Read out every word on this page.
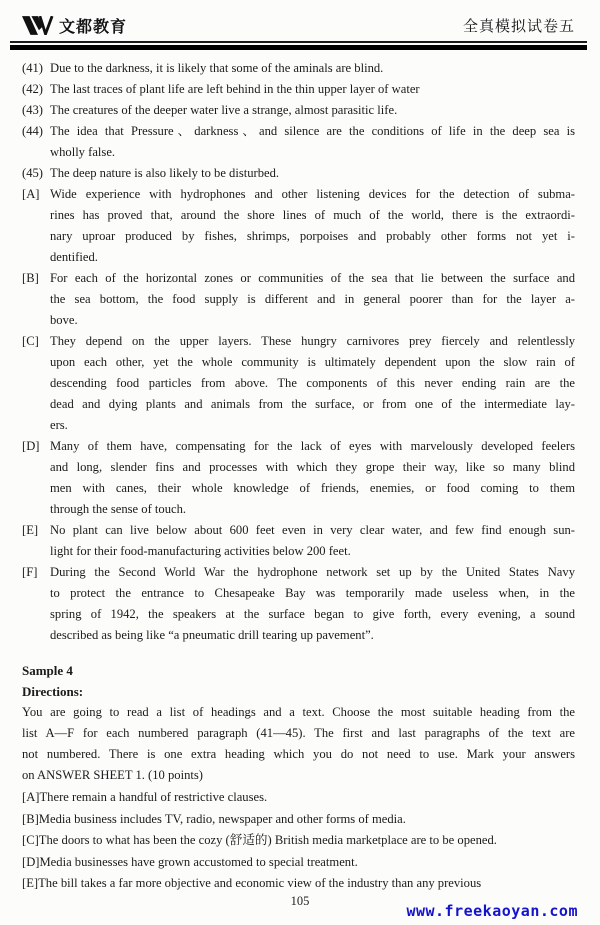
文都教育	全真模拟试卷五
(41) Due to the darkness, it is likely that some of the aminals are blind.
(42) The last traces of plant life are left behind in the thin upper layer of water
(43) The creatures of the deeper water live a strange, almost parasitic life.
(44) The idea that Pressure、darkness、and silence are the conditions of life in the deep sea is
wholly false.
(45) The deep nature is also likely to be disturbed.
[A] Wide experience with hydrophones and other listening devices for the detection of subma-
rines has proved that, around the shore lines of much of the world, there is the extraordi-
nary uproar produced by fishes, shrimps, porpoises and probably other forms not yet i-
dentified.
[B] For each of the horizontal zones or communities of the sea that lie between the surface and
the sea bottom, the food supply is different and in general poorer than for the layer a-
bove.
[C] They depend on the upper layers. These hungry carnivores prey fiercely and relentlessly
upon each other, yet the whole community is ultimately dependent upon the slow rain of
descending food particles from above. The components of this never ending rain are the
dead and dying plants and animals from the surface, or from one of the intermediate lay-
ers.
[D] Many of them have, compensating for the lack of eyes with marvelously developed feelers
and long, slender fins and processes with which they grope their way, like so many blind
men with canes, their whole knowledge of friends, enemies, or food coming to them
through the sense of touch.
[E] No plant can live below about 600 feet even in very clear water, and few find enough sun-
light for their food-manufacturing activities below 200 feet.
[F] During the Second World War the hydrophone network set up by the United States Navy
to protect the entrance to Chesapeake Bay was temporarily made useless when, in the
spring of 1942, the speakers at the surface began to give forth, every evening, a sound
described as being like “a pneumatic drill tearing up pavement”.
Sample 4
Directions:
You are going to read a list of headings and a text. Choose the most suitable heading from the
list A—F for each numbered paragraph (41—45). The first and last paragraphs of the text are
not numbered. There is one extra heading which you do not need to use. Mark your answers
on ANSWER SHEET 1. (10 points)
[A]There remain a handful of restrictive clauses.
[B]Media business includes TV, radio, newspaper and other forms of media.
[C]The doors to what has been the cozy (舒适的) British media marketplace are to be opened.
[D]Media businesses have grown accustomed to special treatment.
[E]The bill takes a far more objective and economic view of the industry than any previous
105
www.freekaoyan.com
